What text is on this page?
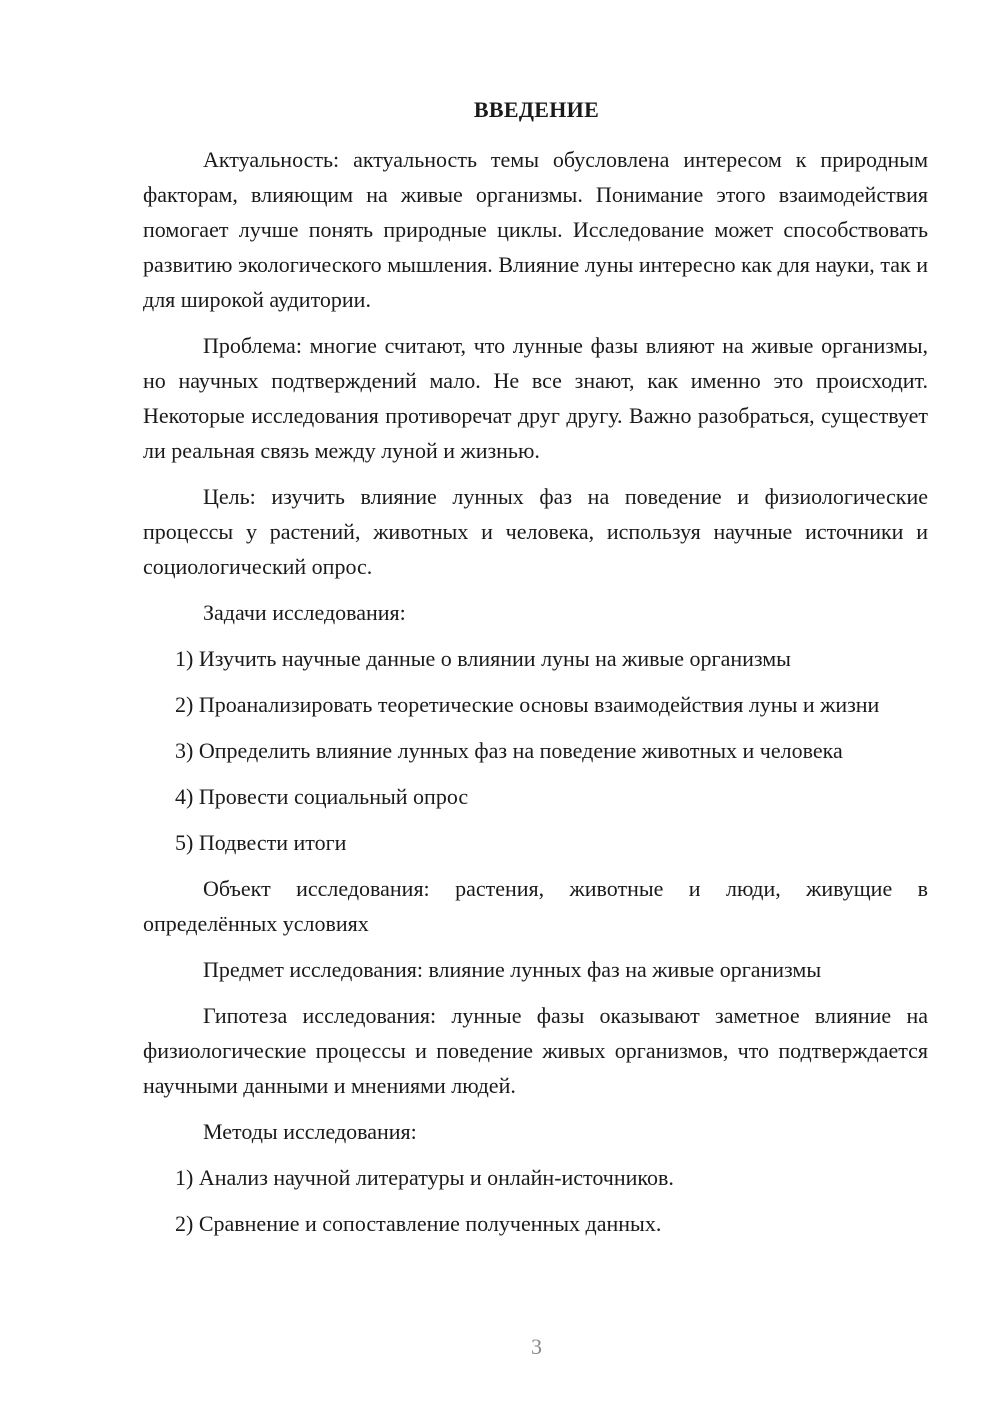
ВВЕДЕНИЕ

Актуальность: актуальность темы обусловлена интересом к природным факторам, влияющим на живые организмы. Понимание этого взаимодействия помогает лучше понять природные циклы. Исследование может способствовать развитию экологического мышления. Влияние луны интересно как для науки, так и для широкой аудитории.

Проблема: многие считают, что лунные фазы влияют на живые организмы, но научных подтверждений мало. Не все знают, как именно это происходит. Некоторые исследования противоречат друг другу. Важно разобраться, существует ли реальная связь между луной и жизнью.

Цель: изучить влияние лунных фаз на поведение и физиологические процессы у растений, животных и человека, используя научные источники и социологический опрос.

Задачи исследования:

1) Изучить научные данные о влиянии луны на живые организмы

2) Проанализировать теоретические основы взаимодействия луны и жизни

3) Определить влияние лунных фаз на поведение животных и человека

4) Провести социальный опрос

5) Подвести итоги

Объект исследования: растения, животные и люди, живущие в определённых условиях

Предмет исследования: влияние лунных фаз на живые организмы

Гипотеза исследования: лунные фазы оказывают заметное влияние на физиологические процессы и поведение живых организмов, что подтверждается научными данными и мнениями людей.

Методы исследования:

1) Анализ научной литературы и онлайн-источников.

2) Сравнение и сопоставление полученных данных.

3
